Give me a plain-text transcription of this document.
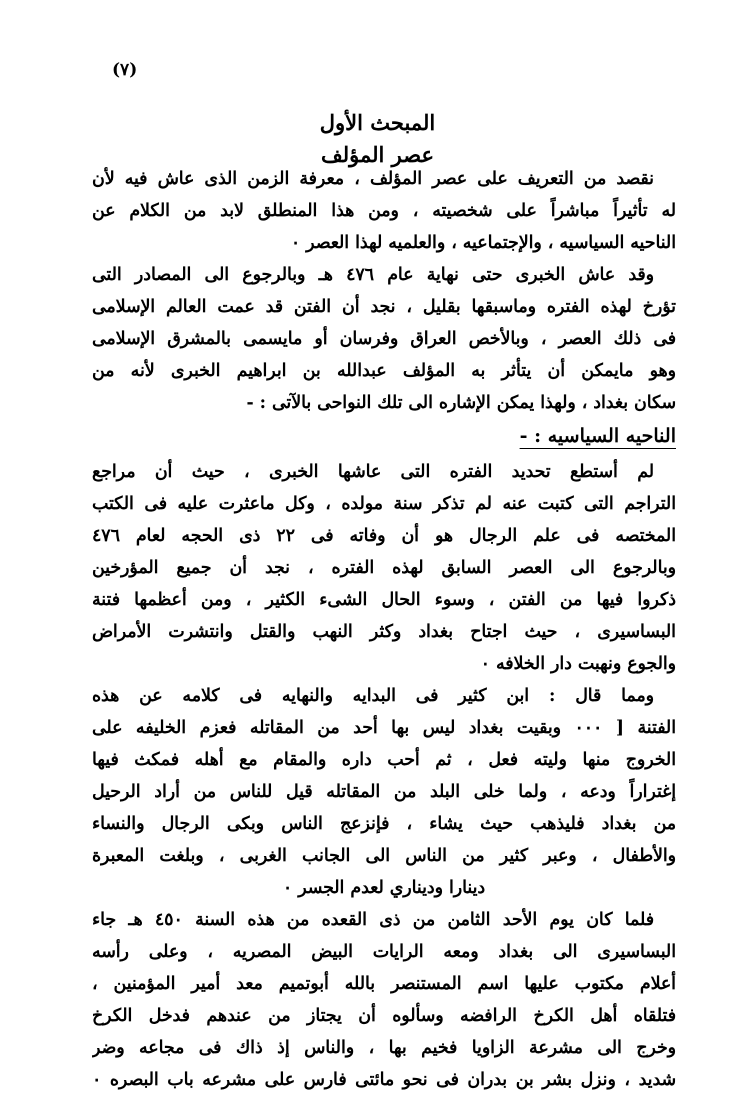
(٧)
المبحث الأول
عصر المؤلف
نقصد من التعريف على عصر المؤلف ، معرفة الزمن الذى عاش فيه لأن
له تأثيراً مباشراً على شخصيته ، ومن هذا المنطلق لابد من الكلام عن
الناحيه السياسيه ، والإجتماعيه ، والعلميه لهذا العصر ٠
وقد عاش الخبرى حتى نهاية عام ٤٧٦ هـ وبالرجوع الى المصادر التى
تؤرخ لهذه الفتره وماسبقها بقليل ، نجد أن الفتن قد عمت العالم الإسلامى
فى ذلك العصر ، وبالأخص العراق وفرسان أو مايسمى بالمشرق الإسلامى
وهو مايمكن أن يتأثر به المؤلف عبدالله بن ابراهيم الخبرى لأنه من
سكان بغداد ، ولهذا يمكن الإشاره الى تلك النواحى بالآتى : -
الناحيه السياسيه : -
لم أستطع تحديد الفتره التى عاشها الخبرى ، حيث أن مراجع
التراجم التى كتبت عنه لم تذكر سنة مولده ، وكل ماعثرت عليه فى الكتب
المختصه فى علم الرجال هو أن وفاته فى ٢٢ ذى الحجه لعام ٤٧٦
وبالرجوع الى العصر السابق لهذه الفتره ، نجد أن جميع المؤرخين
ذكروا فيها من الفتن ، وسوء الحال الشىء الكثير ، ومن أعظمها فتنة
البساسيرى ، حيث اجتاح بغداد وكثر النهب والقتل وانتشرت الأمراض
والجوع ونهبت دار الخلافه ٠
ومما قال : ابن كثير فى البدايه والنهايه فى كلامه عن هذه
الفتنة [ ٠٠٠ وبقيت بغداد ليس بها أحد من المقاتله فعزم الخليفه على
الخروج منها وليته فعل ، ثم أحب داره والمقام مع أهله فمكث فيها
إغتراراً ودعه ، ولما خلى البلد من المقاتله قيل للناس من أراد الرحيل
من بغداد فليذهب حيث يشاء ، فإنزعج الناس وبكى الرجال والنساء
والأطفال ، وعبر كثير من الناس الى الجانب الغربى ، وبلغت المعبرة
دينارا وديناري لعدم الجسر ٠
فلما كان يوم الأحد الثامن من ذى القعده من هذه السنة ٤٥٠ هـ جاء
البساسيرى الى بغداد ومعه الرايات البيض المصريه ، وعلى رأسه
أعلام مكتوب عليها اسم المستنصر بالله أبوتميم معد أمير المؤمنين ،
فتلقاه أهل الكرخ الرافضه وسألوه أن يجتاز من عندهم فدخل الكرخ
وخرج الى مشرعة الزاويا فخيم بها ، والناس إذ ذاك فى مجاعه وضر
شديد ، ونزل بشر بن بدران فى نحو مائتى فارس على مشرعه باب البصره ٠
